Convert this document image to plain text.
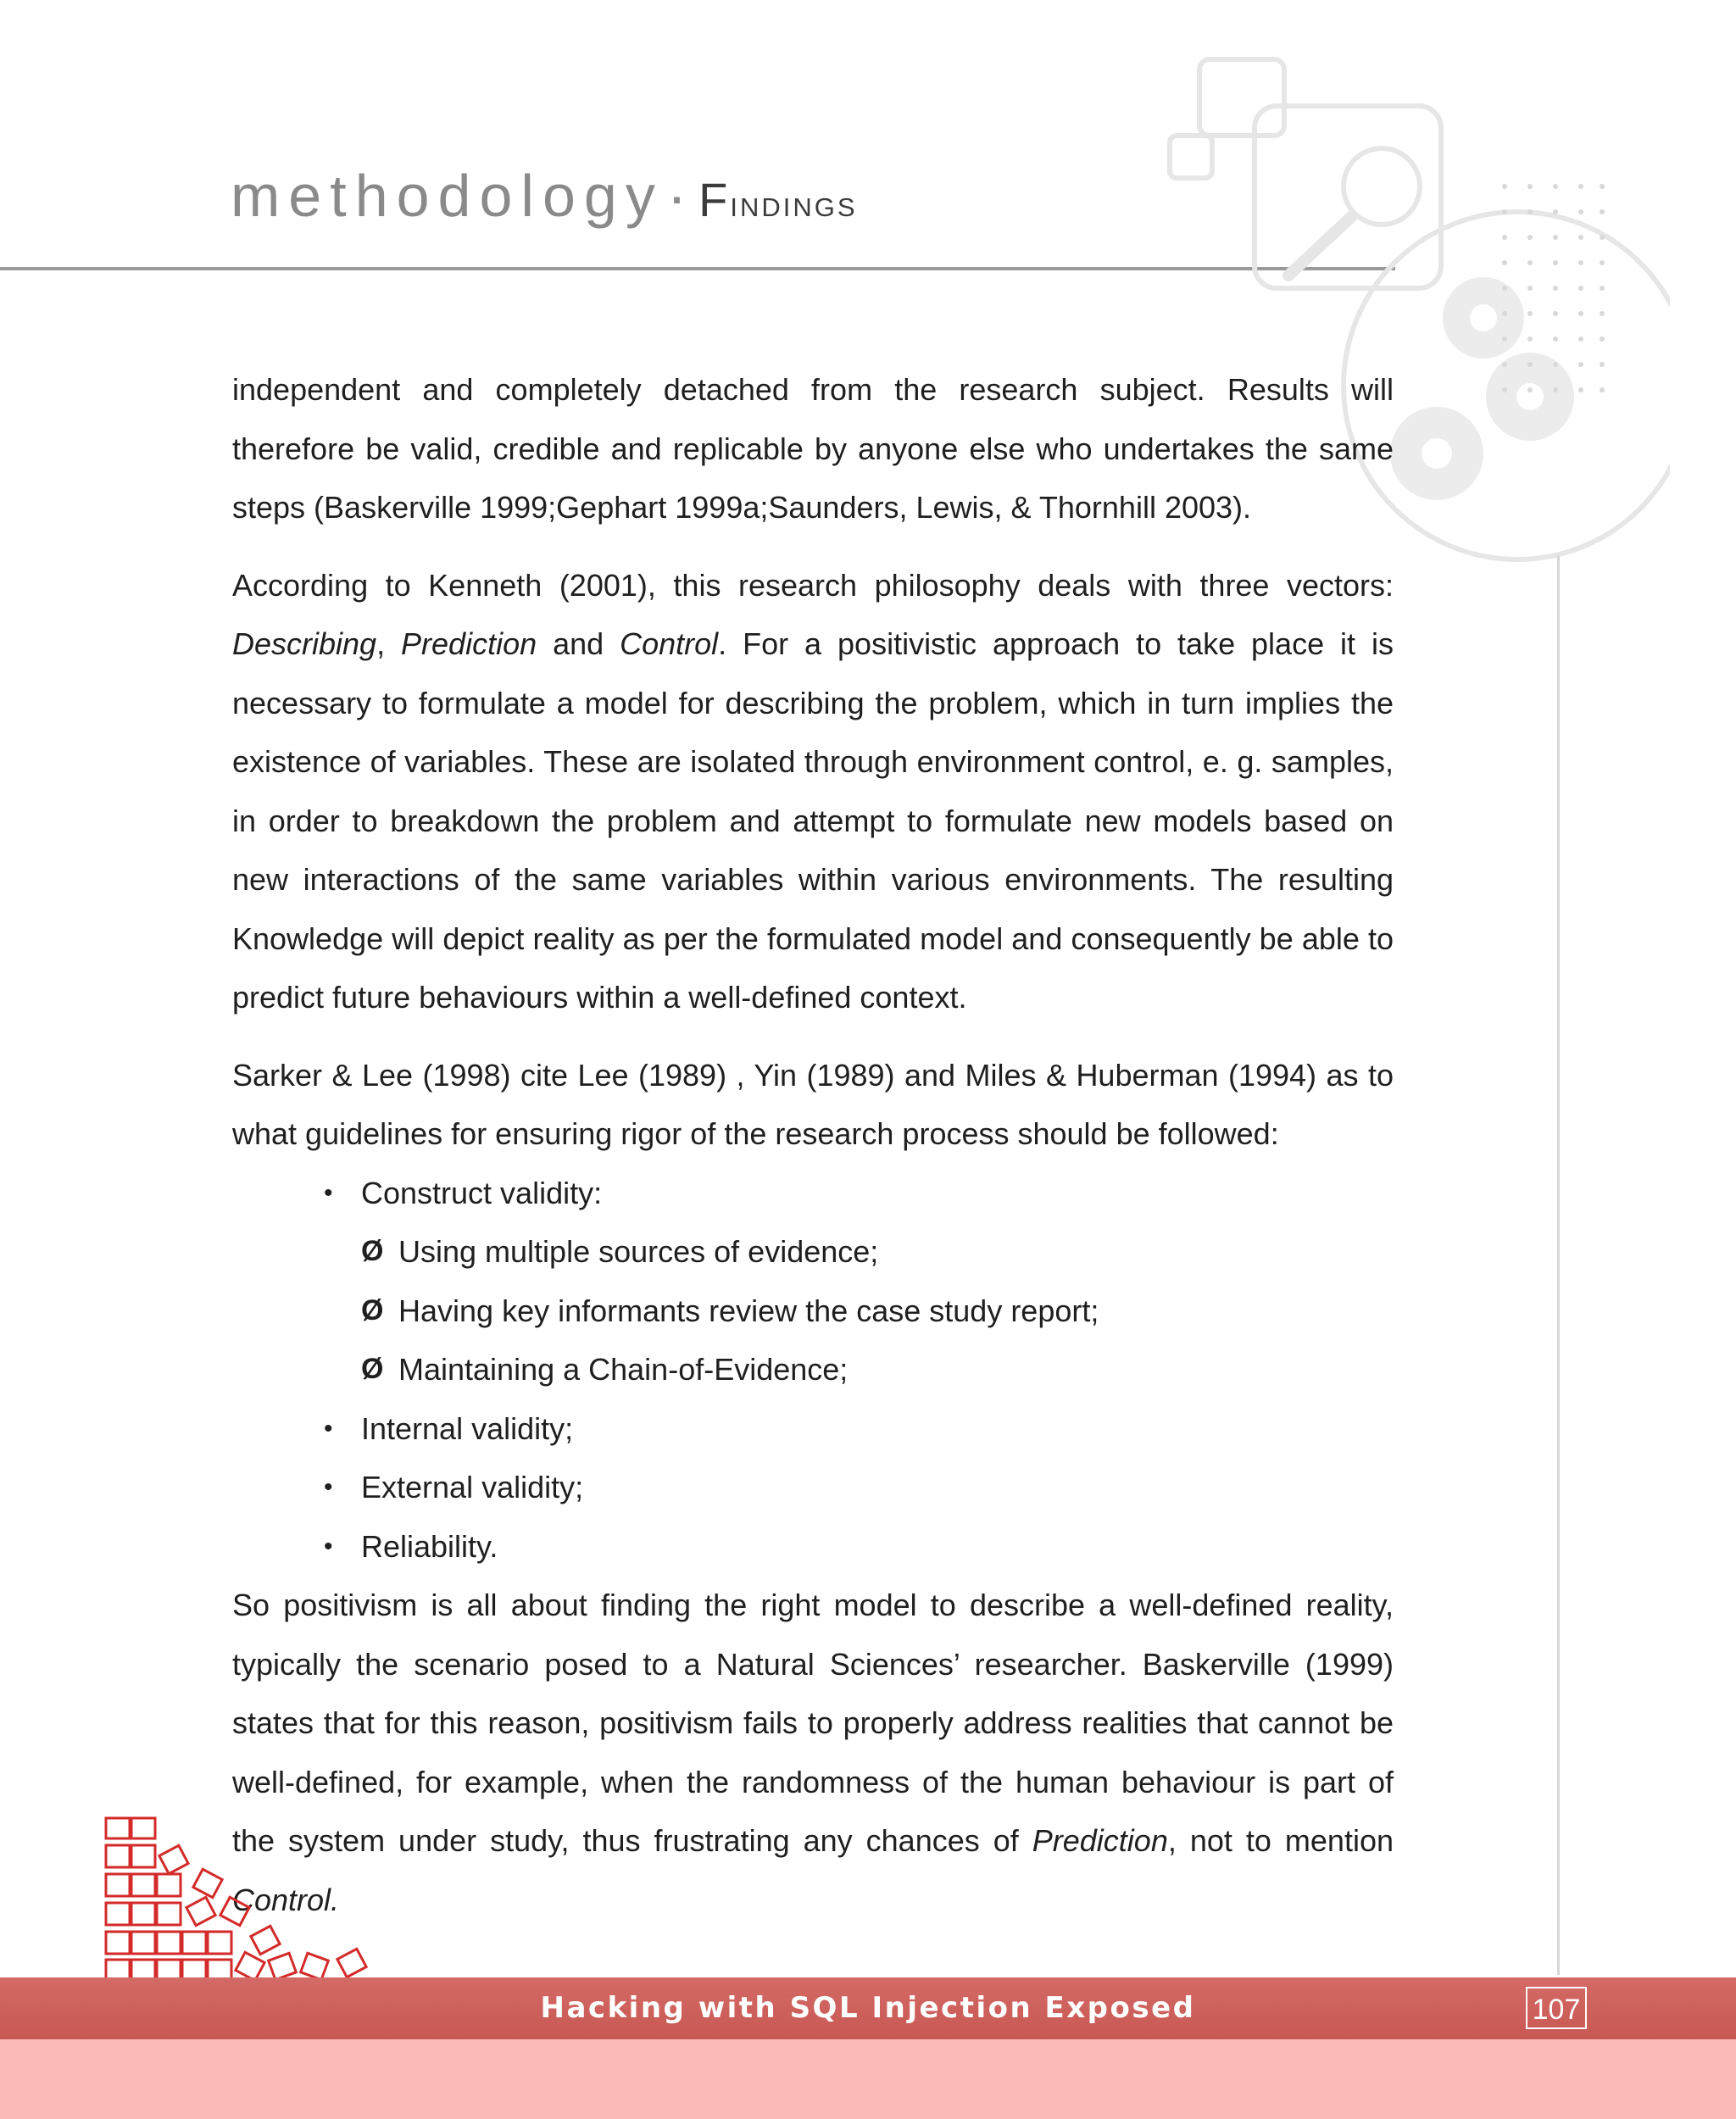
methodology· Findings

independent and completely detached from the research subject. Results will therefore be valid, credible and replicable by anyone else who undertakes the same steps (Baskerville 1999;Gephart 1999a;Saunders, Lewis, & Thornhill 2003).

According to Kenneth (2001), this research philosophy deals with three vectors: Describing, Prediction and Control. For a positivistic approach to take place it is necessary to formulate a model for describing the problem, which in turn implies the existence of variables. These are isolated through environment control, e. g. samples, in order to breakdown the problem and attempt to formulate new models based on new interactions of the same variables within various environments. The resulting Knowledge will depict reality as per the formulated model and consequently be able to predict future behaviours within a well-defined context.

Sarker & Lee (1998) cite Lee (1989) , Yin (1989) and Miles & Huberman (1994) as to what guidelines for ensuring rigor of the research process should be followed:

• Construct validity:
Ø Using multiple sources of evidence;
Ø Having key informants review the case study report;
Ø Maintaining a Chain-of-Evidence;
• Internal validity;
• External validity;
• Reliability.

So positivism is all about finding the right model to describe a well-defined reality, typically the scenario posed to a Natural Sciences’ researcher. Baskerville (1999) states that for this reason, positivism fails to properly address realities that cannot be well-defined, for example, when the randomness of the human behaviour is part of the system under study, thus frustrating any chances of Prediction, not to mention Control.

Hacking with SQL Injection Exposed	107
